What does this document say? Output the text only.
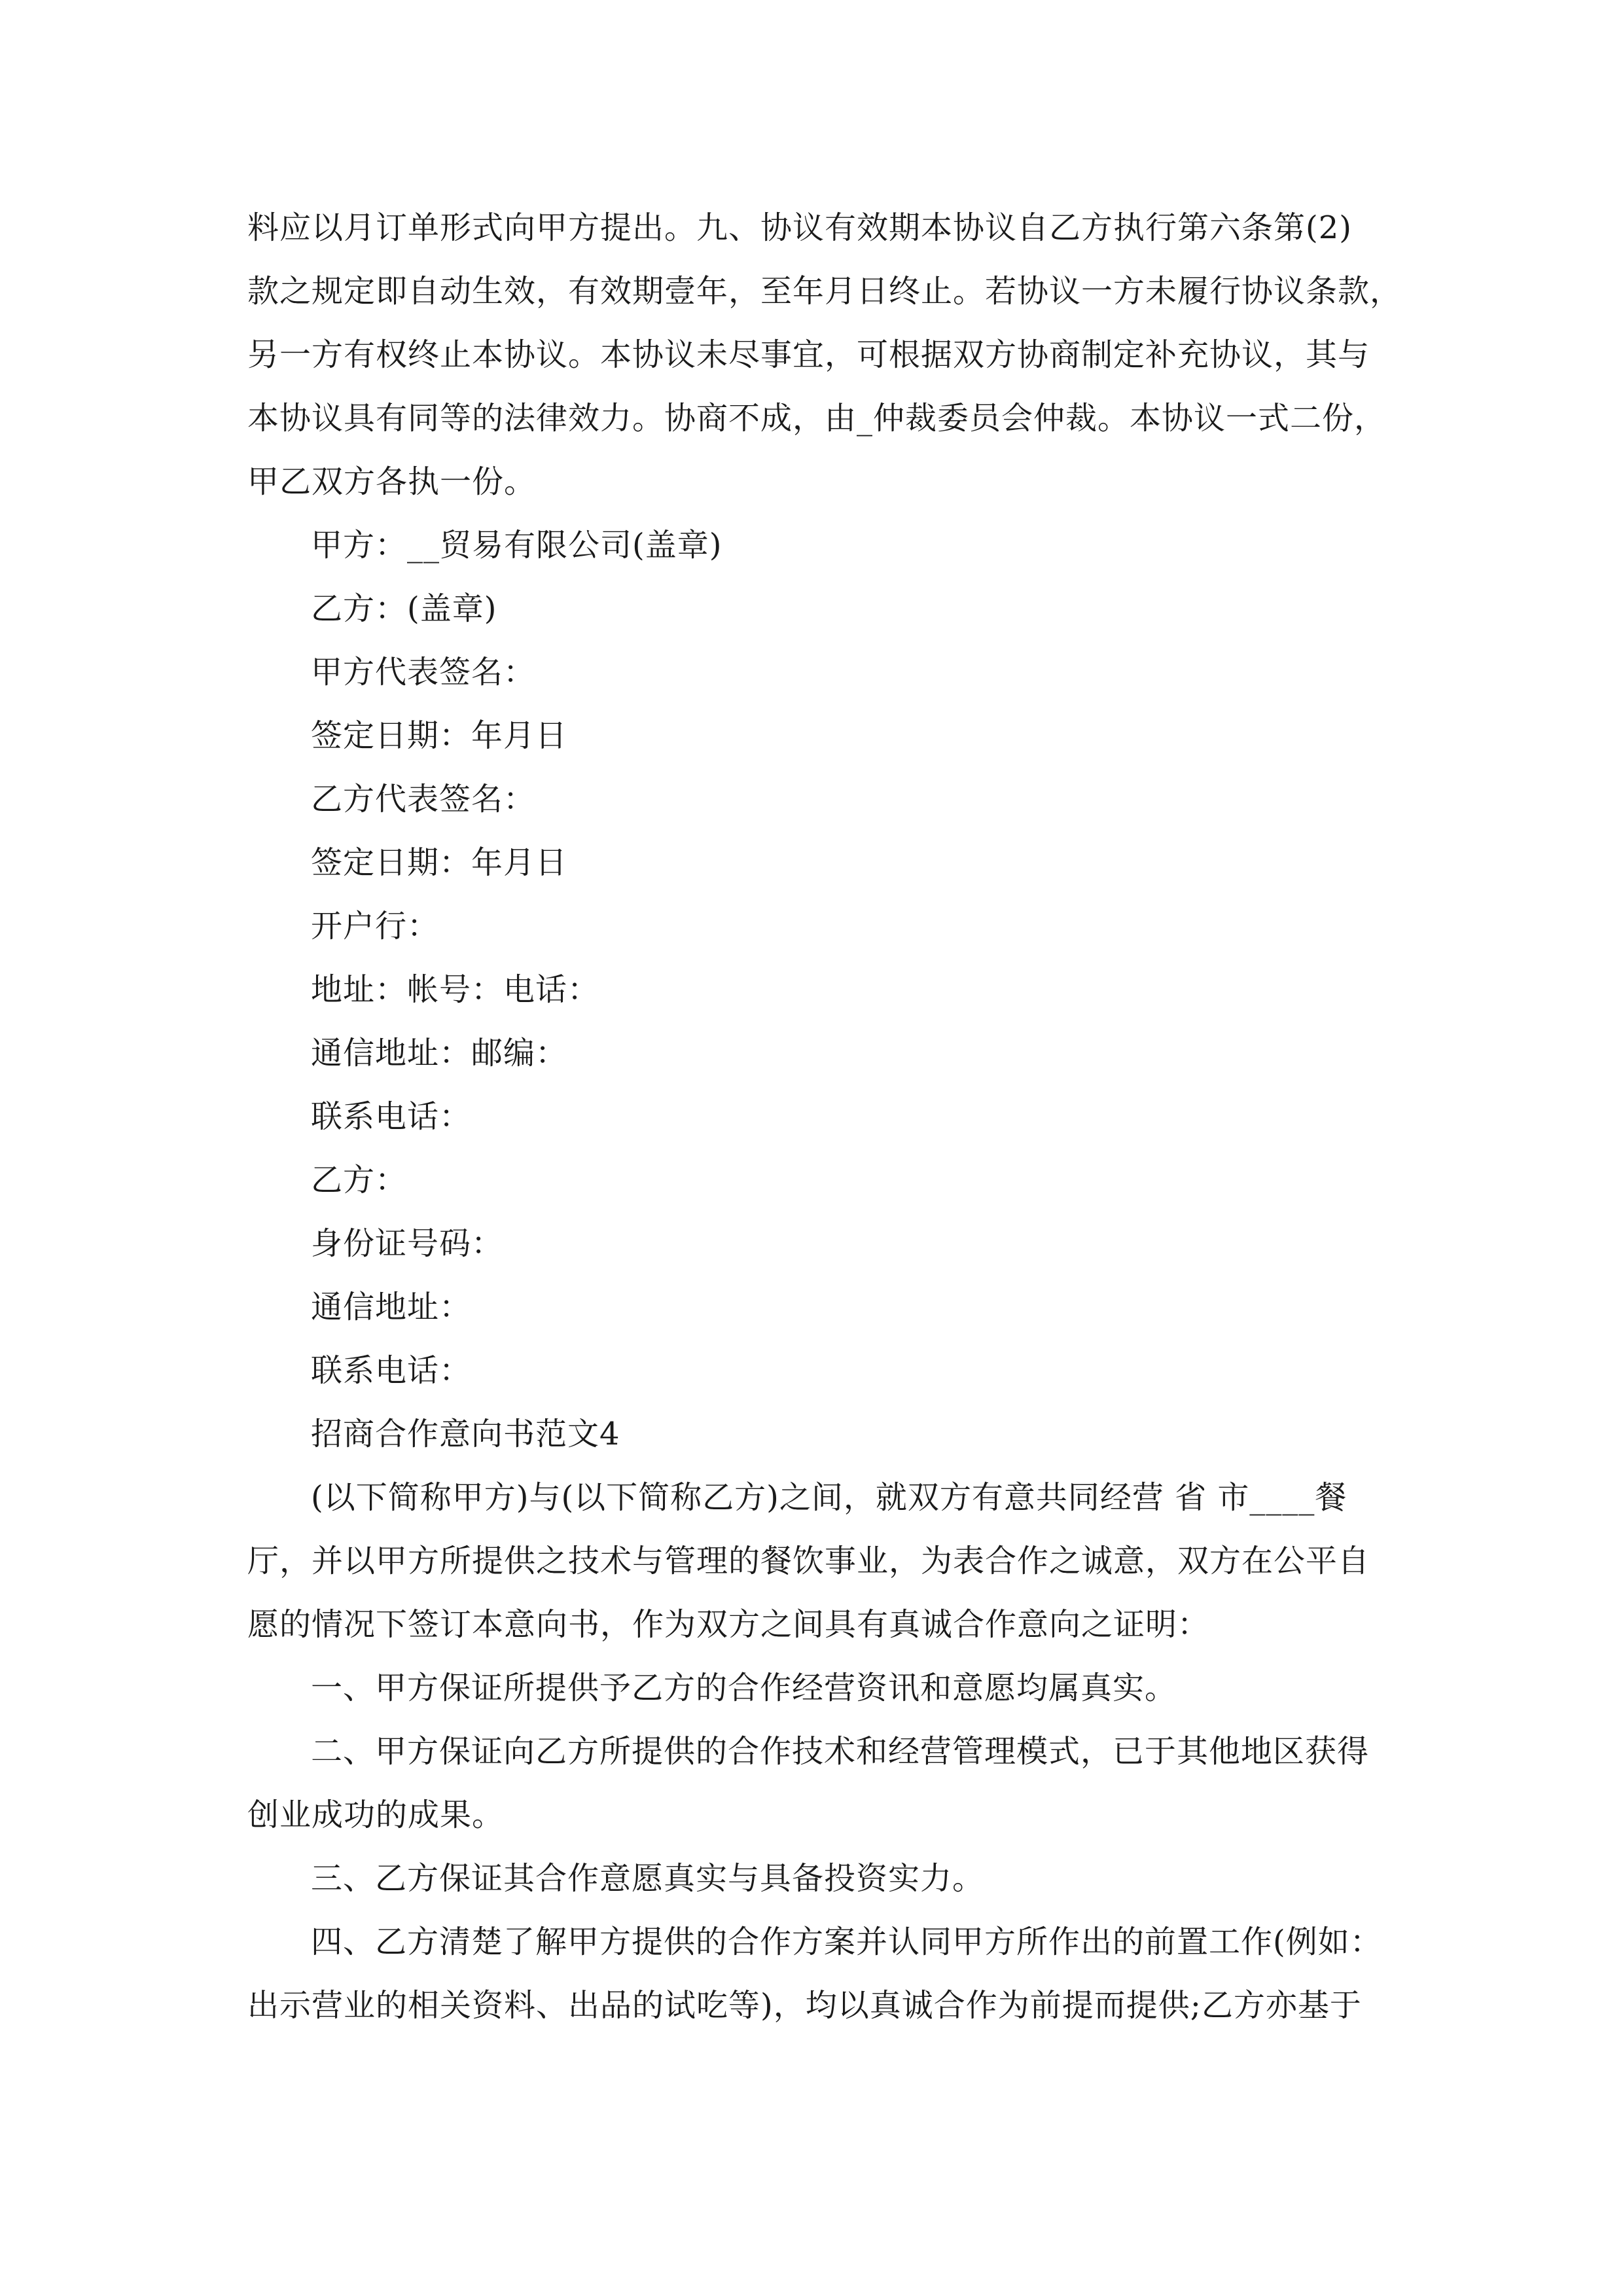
料应以月订单形式向甲方提出。九、协议有效期本协议自乙方执行第六条第(2)
款之规定即自动生效，有效期壹年，至年月日终止。若协议一方未履行协议条款，
另一方有权终止本协议。本协议未尽事宜，可根据双方协商制定补充协议，其与
本协议具有同等的法律效力。协商不成，由_仲裁委员会仲裁。本协议一式二份，
甲乙双方各执一份。
甲方：__贸易有限公司(盖章)
乙方：(盖章)
甲方代表签名：
签定日期：年月日
乙方代表签名：
签定日期：年月日
开户行：
地址：帐号：电话：
通信地址：邮编：
联系电话：
乙方：
身份证号码：
通信地址：
联系电话：
招商合作意向书范文4
(以下简称甲方)与(以下简称乙方)之间，就双方有意共同经营 省 市____餐
厅，并以甲方所提供之技术与管理的餐饮事业，为表合作之诚意，双方在公平自
愿的情况下签订本意向书，作为双方之间具有真诚合作意向之证明：
一、甲方保证所提供予乙方的合作经营资讯和意愿均属真实。
二、甲方保证向乙方所提供的合作技术和经营管理模式，已于其他地区获得
创业成功的成果。
三、乙方保证其合作意愿真实与具备投资实力。
四、乙方清楚了解甲方提供的合作方案并认同甲方所作出的前置工作(例如：
出示营业的相关资料、出品的试吃等)，均以真诚合作为前提而提供;乙方亦基于
